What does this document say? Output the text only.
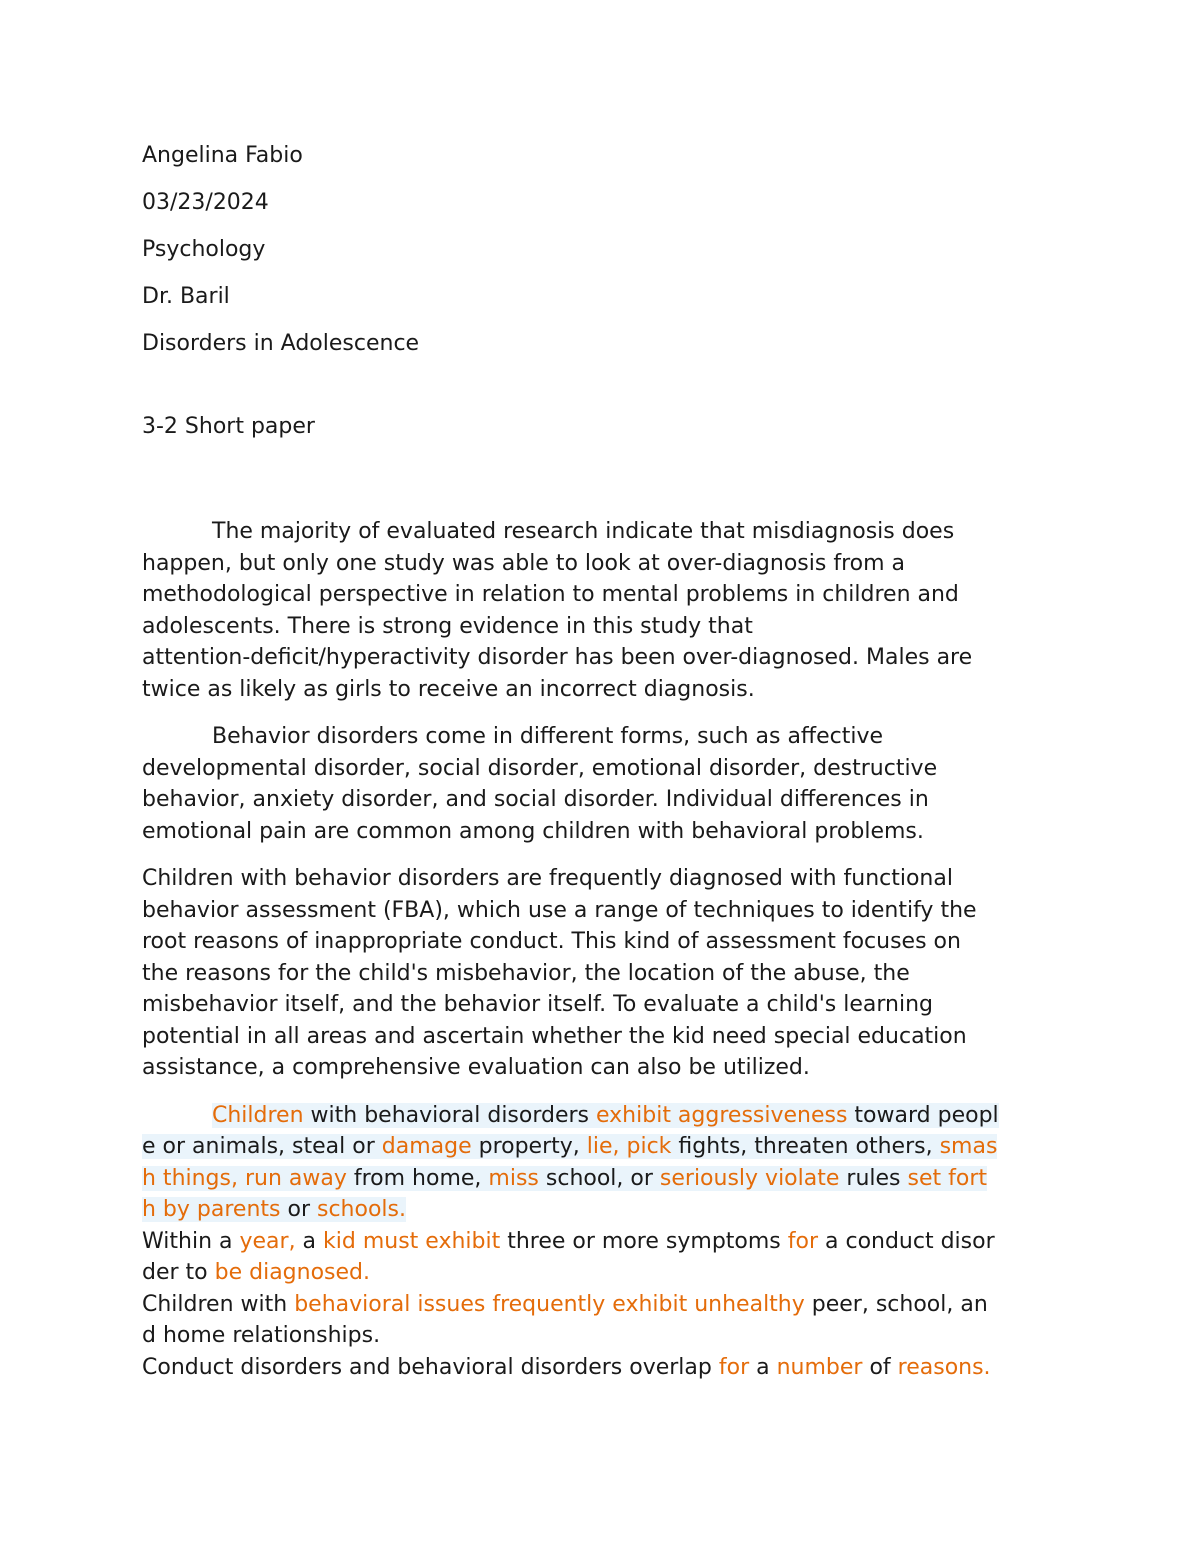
Angelina Fabio
03/23/2024
Psychology
Dr. Baril
Disorders in Adolescence
3-2 Short paper
The majority of evaluated research indicate that misdiagnosis does
happen, but only one study was able to look at over-diagnosis from a
methodological perspective in relation to mental problems in children and
adolescents. There is strong evidence in this study that
attention-deficit/hyperactivity disorder has been over-diagnosed. Males are
twice as likely as girls to receive an incorrect diagnosis.
Behavior disorders come in different forms, such as affective
developmental disorder, social disorder, emotional disorder, destructive
behavior, anxiety disorder, and social disorder. Individual differences in
emotional pain are common among children with behavioral problems.
Children with behavior disorders are frequently diagnosed with functional
behavior assessment (FBA), which use a range of techniques to identify the
root reasons of inappropriate conduct. This kind of assessment focuses on
the reasons for the child's misbehavior, the location of the abuse, the
misbehavior itself, and the behavior itself. To evaluate a child's learning
potential in all areas and ascertain whether the kid need special education
assistance, a comprehensive evaluation can also be utilized.
Children with behavioral disorders exhibit aggressiveness toward peopl
e or animals, steal or damage property, lie, pick fights, threaten others, smas
h things, run away from home, miss school, or seriously violate rules set fort
h by parents or schools.
Within a year, a kid must exhibit three or more symptoms for a conduct disor
der to be diagnosed.
Children with behavioral issues frequently exhibit unhealthy peer, school, an
d home relationships.
Conduct disorders and behavioral disorders overlap for a number of reasons.
